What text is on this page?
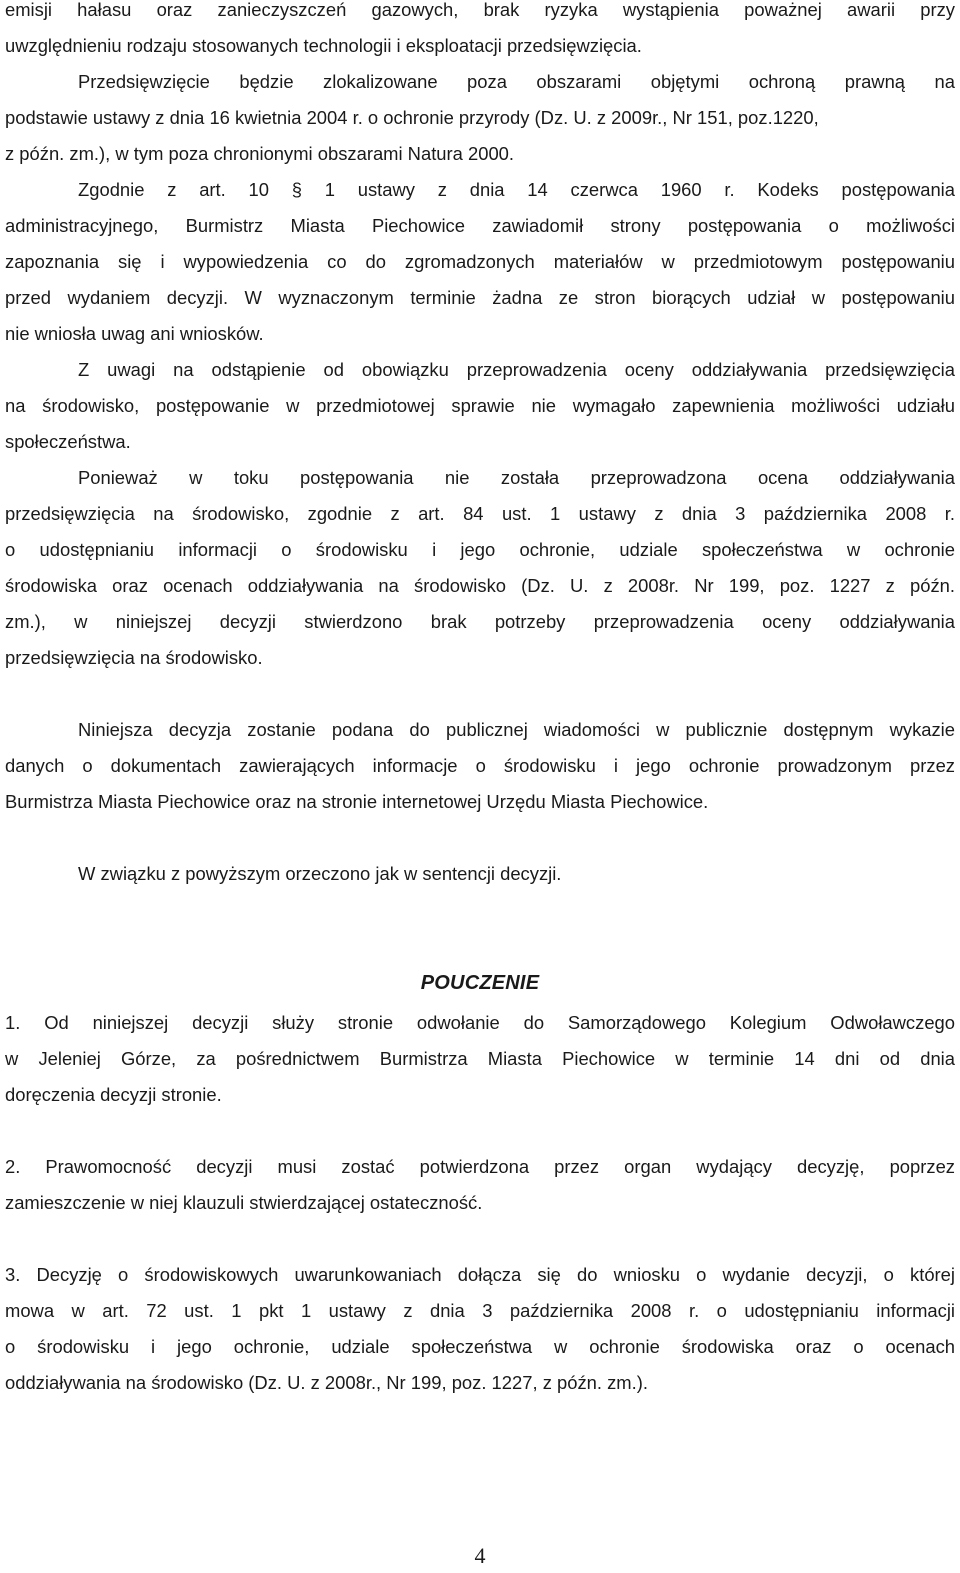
emisji hałasu oraz zanieczyszczeń gazowych, brak ryzyka wystąpienia poważnej awarii przy
uwzględnieniu rodzaju stosowanych technologii i eksploatacji przedsięwzięcia.
Przedsięwzięcie będzie zlokalizowane poza obszarami objętymi ochroną prawną na
podstawie ustawy z dnia 16 kwietnia 2004 r. o ochronie przyrody (Dz. U. z 2009r., Nr 151, poz.1220,
z późn. zm.), w tym poza chronionymi obszarami Natura 2000.
Zgodnie z art. 10 § 1 ustawy z dnia 14 czerwca 1960 r. Kodeks postępowania
administracyjnego, Burmistrz Miasta Piechowice zawiadomił strony postępowania o możliwości
zapoznania się i wypowiedzenia co do zgromadzonych materiałów w przedmiotowym postępowaniu
przed wydaniem decyzji. W wyznaczonym terminie żadna ze stron biorących udział w postępowaniu
nie wniosła uwag ani wniosków.
Z uwagi na odstąpienie od obowiązku przeprowadzenia oceny oddziaływania przedsięwzięcia
na środowisko, postępowanie w przedmiotowej sprawie nie wymagało zapewnienia możliwości udziału
społeczeństwa.
Ponieważ w toku postępowania nie została przeprowadzona ocena oddziaływania
przedsięwzięcia na środowisko, zgodnie z art. 84 ust. 1 ustawy z dnia 3 października 2008 r.
o udostępnianiu informacji o środowisku i jego ochronie, udziale społeczeństwa w ochronie
środowiska oraz ocenach oddziaływania na środowisko (Dz. U. z 2008r. Nr 199, poz. 1227 z późn.
zm.), w niniejszej decyzji stwierdzono brak potrzeby przeprowadzenia oceny oddziaływania
przedsięwzięcia na środowisko.
Niniejsza decyzja zostanie podana do publicznej wiadomości w publicznie dostępnym wykazie
danych o dokumentach zawierających informacje o środowisku i jego ochronie prowadzonym przez
Burmistrza Miasta Piechowice oraz na stronie internetowej Urzędu Miasta Piechowice.
W związku z powyższym orzeczono jak w sentencji decyzji.
POUCZENIE
1. Od niniejszej decyzji służy stronie odwołanie do Samorządowego Kolegium Odwoławczego
w Jeleniej Górze, za pośrednictwem Burmistrza Miasta Piechowice w terminie 14 dni od dnia
doręczenia decyzji stronie.
2. Prawomocność decyzji musi zostać potwierdzona przez organ wydający decyzję, poprzez
zamieszczenie w niej klauzuli stwierdzającej ostateczność.
3. Decyzję o środowiskowych uwarunkowaniach dołącza się do wniosku o wydanie decyzji, o której
mowa w art. 72 ust. 1 pkt 1 ustawy z dnia 3 października 2008 r. o udostępnianiu informacji
o środowisku i jego ochronie, udziale społeczeństwa w ochronie środowiska oraz o ocenach
oddziaływania na środowisko (Dz. U. z 2008r., Nr 199, poz. 1227, z późn. zm.).
4
